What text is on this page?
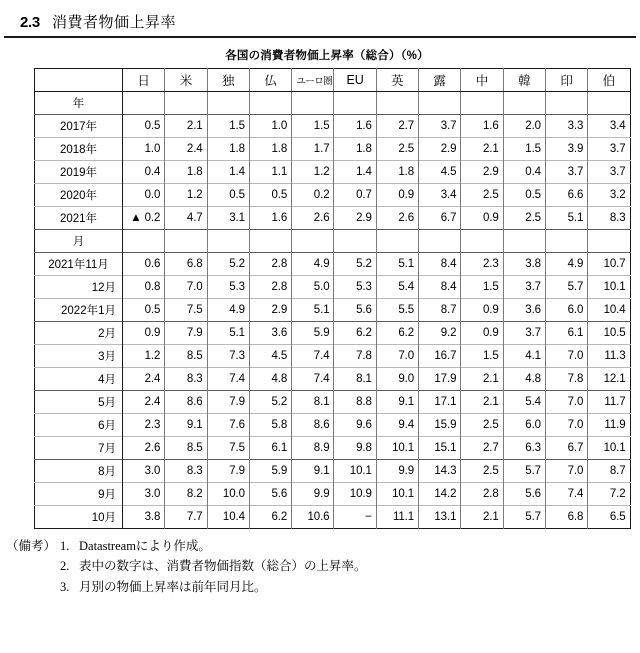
2.3 消費者物価上昇率
各国の消費者物価上昇率（総合）（%）
	日	米	独	仏	ユーロ圏	EU	英	露	中	韓	印	伯
年												
2017年	0.5	2.1	1.5	1.0	1.5	1.6	2.7	3.7	1.6	2.0	3.3	3.4
2018年	1.0	2.4	1.8	1.8	1.7	1.8	2.5	2.9	2.1	1.5	3.9	3.7
2019年	0.4	1.8	1.4	1.1	1.2	1.4	1.8	4.5	2.9	0.4	3.7	3.7
2020年	0.0	1.2	0.5	0.5	0.2	0.7	0.9	3.4	2.5	0.5	6.6	3.2
2021年	▲ 0.2	4.7	3.1	1.6	2.6	2.9	2.6	6.7	0.9	2.5	5.1	8.3
月												
2021年11月	0.6	6.8	5.2	2.8	4.9	5.2	5.1	8.4	2.3	3.8	4.9	10.7
12月	0.8	7.0	5.3	2.8	5.0	5.3	5.4	8.4	1.5	3.7	5.7	10.1
2022年1月	0.5	7.5	4.9	2.9	5.1	5.6	5.5	8.7	0.9	3.6	6.0	10.4
2月	0.9	7.9	5.1	3.6	5.9	6.2	6.2	9.2	0.9	3.7	6.1	10.5
3月	1.2	8.5	7.3	4.5	7.4	7.8	7.0	16.7	1.5	4.1	7.0	11.3
4月	2.4	8.3	7.4	4.8	7.4	8.1	9.0	17.9	2.1	4.8	7.8	12.1
5月	2.4	8.6	7.9	5.2	8.1	8.8	9.1	17.1	2.1	5.4	7.0	11.7
6月	2.3	9.1	7.6	5.8	8.6	9.6	9.4	15.9	2.5	6.0	7.0	11.9
7月	2.6	8.5	7.5	6.1	8.9	9.8	10.1	15.1	2.7	6.3	6.7	10.1
8月	3.0	8.3	7.9	5.9	9.1	10.1	9.9	14.3	2.5	5.7	7.0	8.7
9月	3.0	8.2	10.0	5.6	9.9	10.9	10.1	14.2	2.8	5.6	7.4	7.2
10月	3.8	7.7	10.4	6.2	10.6	−	11.1	13.1	2.1	5.7	6.8	6.5
（備考） 1. Datastreamにより作成。
2. 表中の数字は、消費者物価指数（総合）の上昇率。
3. 月別の物価上昇率は前年同月比。
